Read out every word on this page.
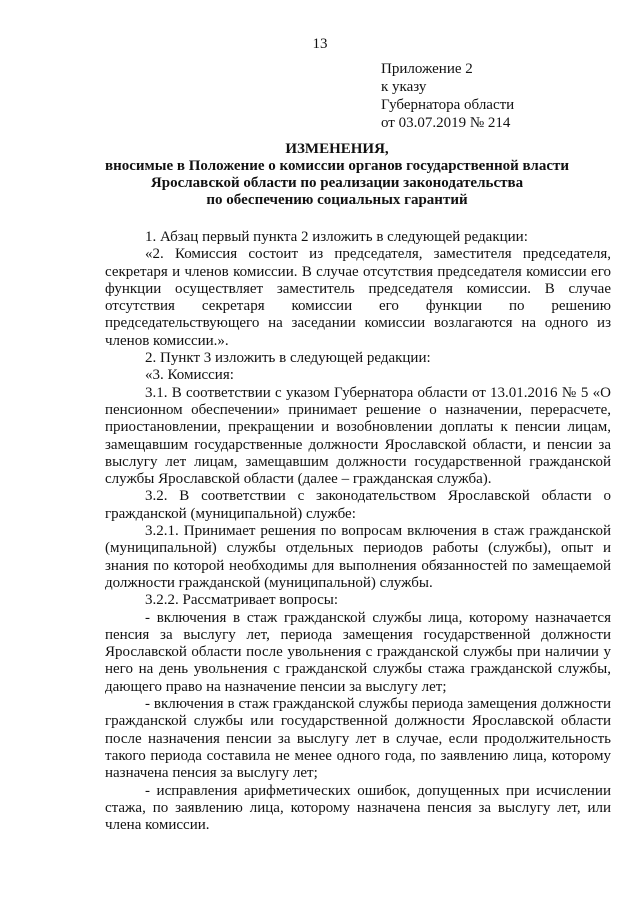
13
Приложение 2
к указу
Губернатора области
от 03.07.2019 № 214
ИЗМЕНЕНИЯ,
вносимые в Положение о комиссии органов государственной власти
Ярославской области по реализации законодательства
по обеспечению социальных гарантий

1. Абзац первый пункта 2 изложить в следующей редакции:

«2. Комиссия состоит из председателя, заместителя председателя, секретаря и членов комиссии. В случае отсутствия председателя комиссии его функции осуществляет заместитель председателя комиссии. В случае отсутствия секретаря комиссии его функции по решению председательствующего на заседании комиссии возлагаются на одного из членов комиссии.».

2. Пункт 3 изложить в следующей редакции:

«3. Комиссия:

3.1. В соответствии с указом Губернатора области от 13.01.2016 № 5 «О пенсионном обеспечении» принимает решение о назначении, перерасчете, приостановлении, прекращении и возобновлении доплаты к пенсии лицам, замещавшим государственные должности Ярославской области, и пенсии за выслугу лет лицам, замещавшим должности государственной гражданской службы Ярославской области (далее – гражданская служба).

3.2. В соответствии с законодательством Ярославской области о гражданской (муниципальной) службе:

3.2.1. Принимает решения по вопросам включения в стаж гражданской (муниципальной) службы отдельных периодов работы (службы), опыт и знания по которой необходимы для выполнения обязанностей по замещаемой должности гражданской (муниципальной) службы.

3.2.2. Рассматривает вопросы:

- включения в стаж гражданской службы лица, которому назначается пенсия за выслугу лет, периода замещения государственной должности Ярославской области после увольнения с гражданской службы при наличии у него на день увольнения с гражданской службы стажа гражданской службы, дающего право на назначение пенсии за выслугу лет;

- включения в стаж гражданской службы периода замещения должности гражданской службы или государственной должности Ярославской области после назначения пенсии за выслугу лет в случае, если продолжительность такого периода составила не менее одного года, по заявлению лица, которому назначена пенсия за выслугу лет;

- исправления арифметических ошибок, допущенных при исчислении стажа, по заявлению лица, которому назначена пенсия за выслугу лет, или члена комиссии.
